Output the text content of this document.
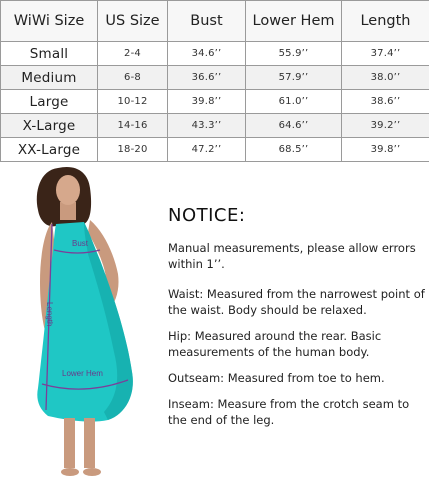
WiWi Size	US Size	Bust	Lower Hem	Length
Small	2-4	34.6’’	55.9’’	37.4’’
Medium	6-8	36.6’’	57.9’’	38.0’’
Large	10-12	39.8’’	61.0’’	38.6’’
X-Large	14-16	43.3’’	64.6’’	39.2’’
XX-Large	18-20	47.2’’	68.5’’	39.8’’
Bust
Lower Hem
Length
NOTICE:
Manual measurements, please allow errors within 1’’.
Waist: Measured from the narrowest point of the waist. Body should be relaxed.
Hip: Measured around the rear. Basic measurements of the human body.
Outseam: Measured from toe to hem.
Inseam: Measure from the crotch seam to the end of the leg.
